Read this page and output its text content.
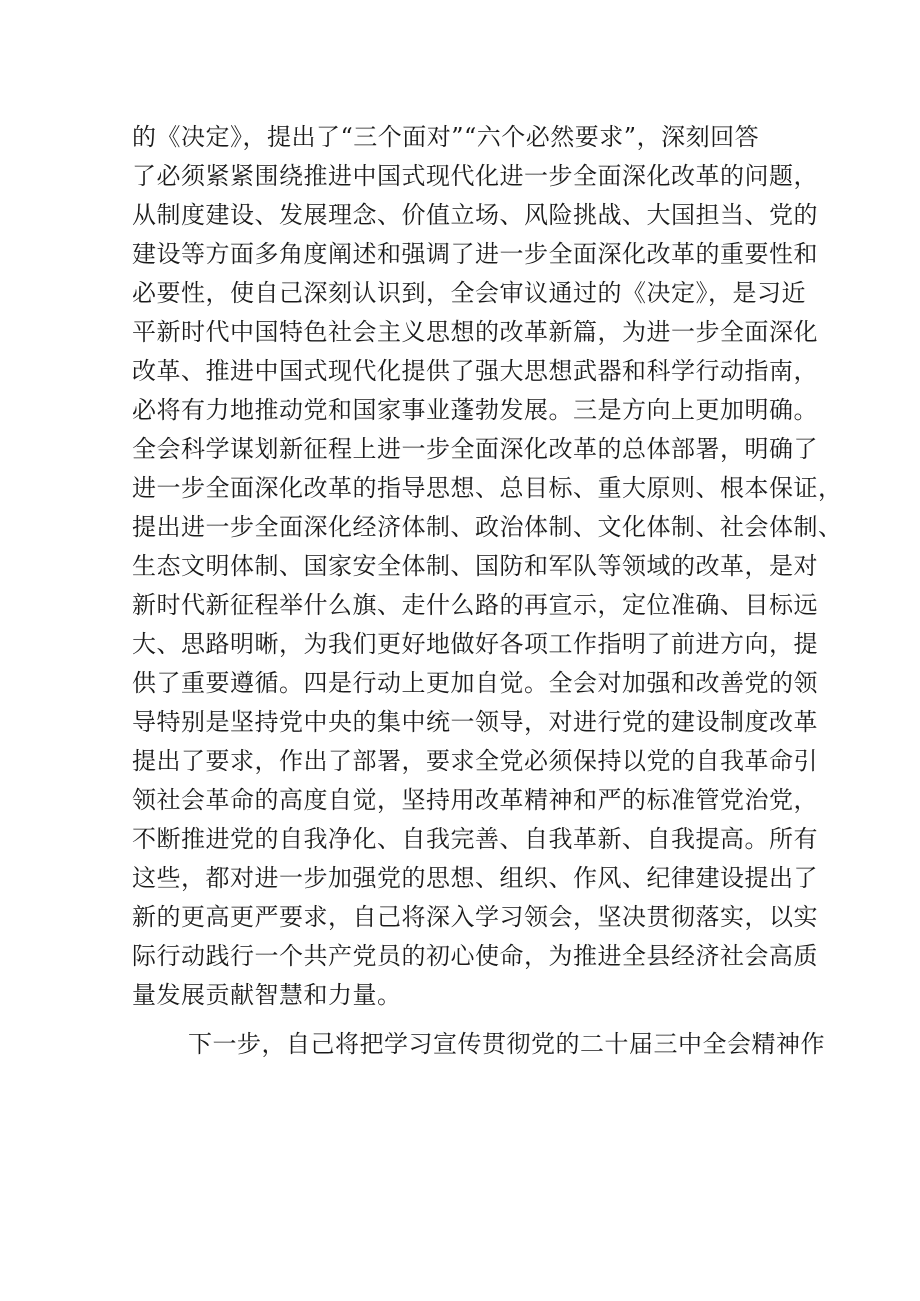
的《决定》，提出了“三个面对”“六个必然要求”，深刻回答
了必须紧紧围绕推进中国式现代化进一步全面深化改革的问题，
从制度建设、发展理念、价值立场、风险挑战、大国担当、党的
建设等方面多角度阐述和强调了进一步全面深化改革的重要性和
必要性，使自己深刻认识到，全会审议通过的《决定》，是习近
平新时代中国特色社会主义思想的改革新篇，为进一步全面深化
改革、推进中国式现代化提供了强大思想武器和科学行动指南，
必将有力地推动党和国家事业蓬勃发展。三是方向上更加明确。
全会科学谋划新征程上进一步全面深化改革的总体部署，明确了
进一步全面深化改革的指导思想、总目标、重大原则、根本保证，
提出进一步全面深化经济体制、政治体制、文化体制、社会体制、
生态文明体制、国家安全体制、国防和军队等领域的改革，是对
新时代新征程举什么旗、走什么路的再宣示，定位准确、目标远
大、思路明晰，为我们更好地做好各项工作指明了前进方向，提
供了重要遵循。四是行动上更加自觉。全会对加强和改善党的领
导特别是坚持党中央的集中统一领导，对进行党的建设制度改革
提出了要求，作出了部署，要求全党必须保持以党的自我革命引
领社会革命的高度自觉，坚持用改革精神和严的标准管党治党，
不断推进党的自我净化、自我完善、自我革新、自我提高。所有
这些，都对进一步加强党的思想、组织、作风、纪律建设提出了
新的更高更严要求，自己将深入学习领会，坚决贯彻落实，以实
际行动践行一个共产党员的初心使命，为推进全县经济社会高质
量发展贡献智慧和力量。
下一步，自己将把学习宣传贯彻党的二十届三中全会精神作
